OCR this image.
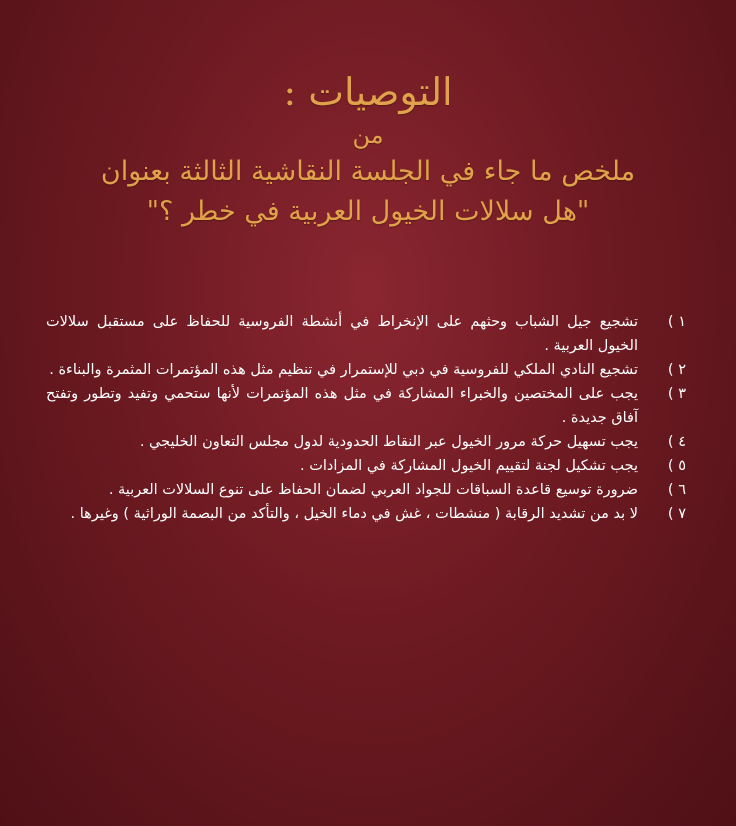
التوصيات :
من
ملخص ما جاء في الجلسة النقاشية الثالثة بعنوان
"هل سلالات الخيول العربية في خطر ؟"
١ )
تشجيع جيل الشباب وحثهم على الإنخراط في أنشطة الفروسية للحفاظ على مستقبل سلالات الخيول العربية .
٢ )
تشجيع النادي الملكي للفروسية في دبي للإستمرار في تنظيم مثل هذه المؤتمرات المثمرة والبناءة .
٣ )
يجب على المختصين والخبراء المشاركة في مثل هذه المؤتمرات لأنها ستحمي وتفيد وتطور وتفتح آفاق جديدة .
٤ )
يجب تسهيل حركة مرور الخيول عبر النقاط الحدودية لدول مجلس التعاون الخليجي .
٥ )
يجب تشكيل لجنة لتقييم الخيول المشاركة في المزادات .
٦ )
ضرورة توسيع قاعدة السباقات للجواد العربي لضمان الحفاظ على تنوع السلالات العربية .
٧ )
لا بد من تشديد الرقابة ( منشطات ، غش في دماء الخيل ، والتأكد من البصمة الوراثية ) وغيرها .
